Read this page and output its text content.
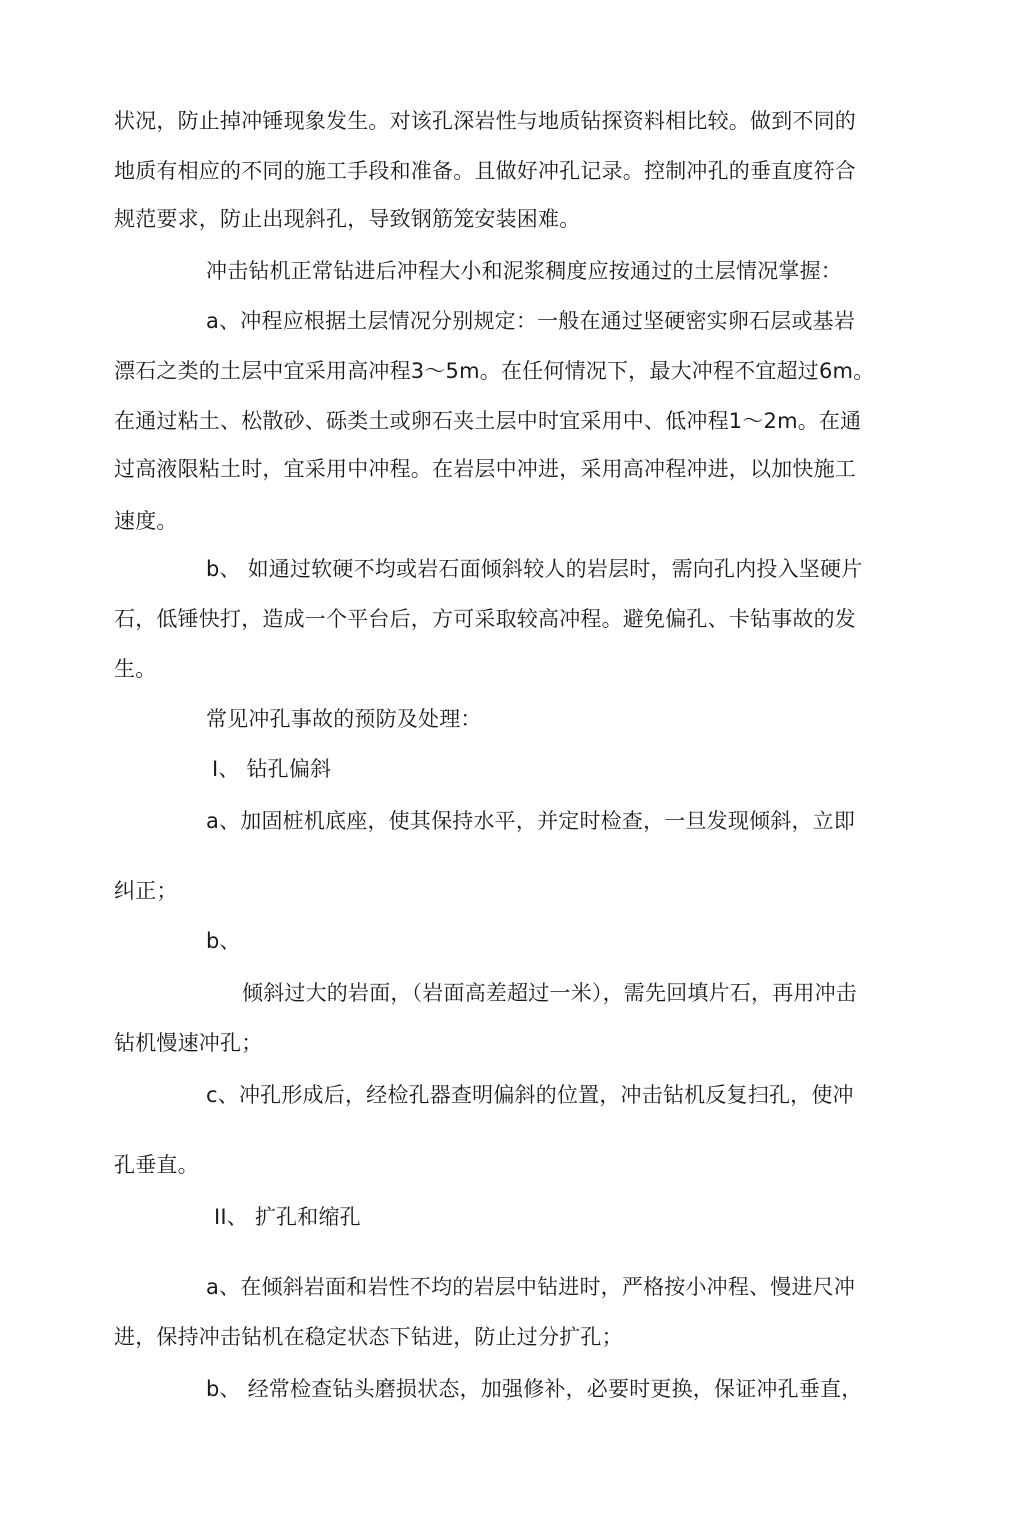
状况，防止掉冲锤现象发生。对该孔深岩性与地质钻探资料相比较。做到不同的
地质有相应的不同的施工手段和准备。且做好冲孔记录。控制冲孔的垂直度符合
规范要求，防止出现斜孔，导致钢筋笼安装困难。
冲击钻机正常钻进后冲程大小和泥浆稠度应按通过的土层情况掌握：
a、冲程应根据土层情况分别规定：一般在通过坚硬密实卵石层或基岩
漂石之类的土层中宜采用高冲程3～5m。在任何情况下，最大冲程不宜超过6m。
在通过粘土、松散砂、砾类土或卵石夹土层中时宜采用中、低冲程1～2m。在通
过高液限粘土时，宜采用中冲程。在岩层中冲进，采用高冲程冲进，以加快施工
速度。
b、 如通过软硬不均或岩石面倾斜较人的岩层时，需向孔内投入坚硬片
石，低锤快打，造成一个平台后，方可采取较高冲程。避免偏孔、卡钻事故的发
生。
常见冲孔事故的预防及处理：
I、 钻孔偏斜
a、加固桩机底座，使其保持水平，并定时检查，一旦发现倾斜，立即
纠正；
b、
倾斜过大的岩面，（岩面高差超过一米），需先回填片石，再用冲击
钻机慢速冲孔；
c、冲孔形成后，经检孔器查明偏斜的位置，冲击钻机反复扫孔，使冲
孔垂直。
II、 扩孔和缩孔
a、在倾斜岩面和岩性不均的岩层中钻进时，严格按小冲程、慢进尺冲
进，保持冲击钻机在稳定状态下钻进，防止过分扩孔；
b、 经常检查钻头磨损状态，加强修补，必要时更换，保证冲孔垂直，
